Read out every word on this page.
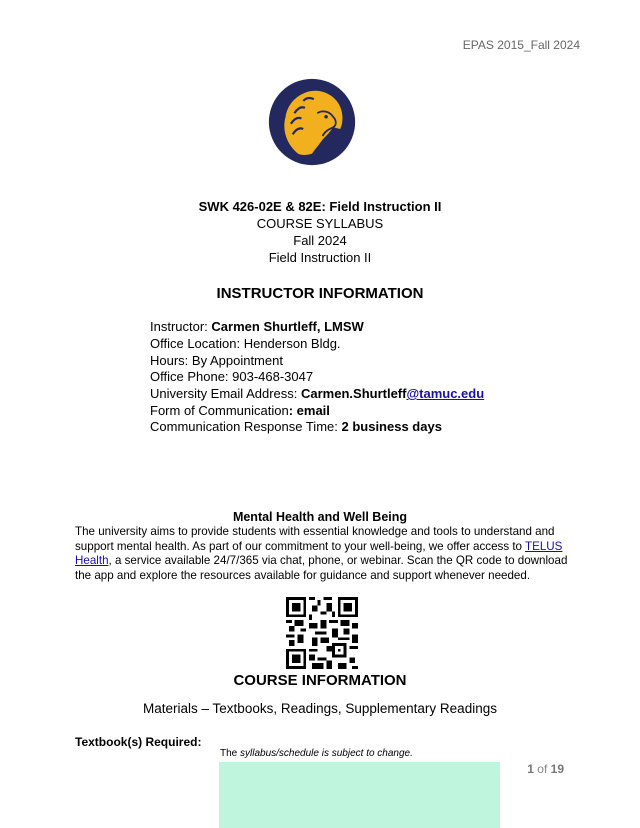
EPAS 2015_Fall 2024
SWK 426-02E & 82E: Field Instruction II
COURSE SYLLABUS
Fall 2024
Field Instruction II
INSTRUCTOR INFORMATION
Instructor: Carmen Shurtleff, LMSW
Office Location: Henderson Bldg.
Hours: By Appointment
Office Phone: 903-468-3047
University Email Address: Carmen.Shurtleff@tamuc.edu
Form of Communication: email
Communication Response Time: 2 business days
Mental Health and Well Being
The university aims to provide students with essential knowledge and tools to understand and support mental health. As part of our commitment to your well-being, we offer access to TELUS Health, a service available 24/7/365 via chat, phone, or webinar. Scan the QR code to download the app and explore the resources available for guidance and support whenever needed.
COURSE INFORMATION
Materials – Textbooks, Readings, Supplementary Readings
Textbook(s) Required:
The syllabus/schedule is subject to change.
1 of 19
